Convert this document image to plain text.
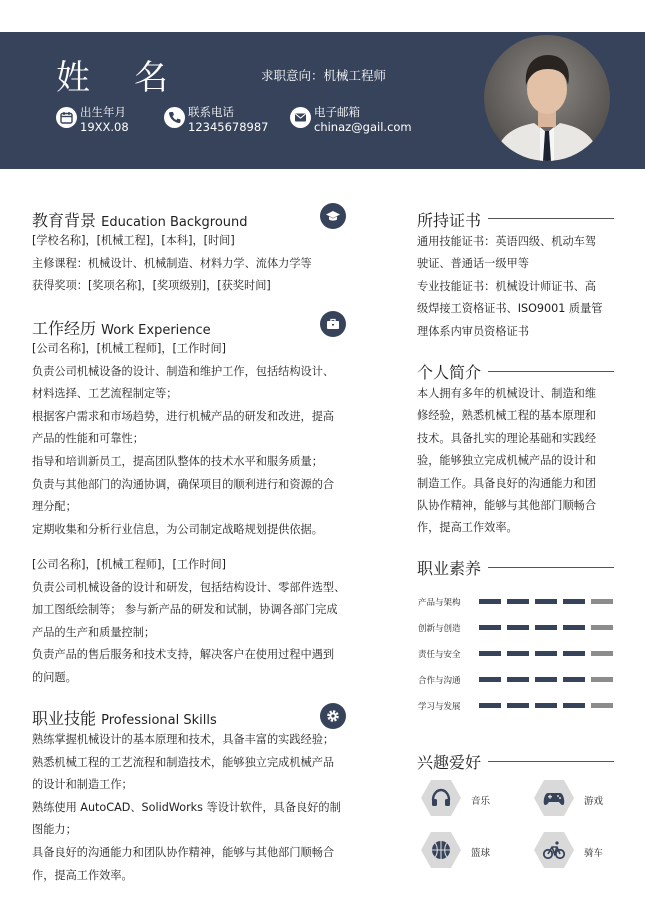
姓名	求职意向：机械工程师
出生年月
19XX.08
联系电话
12345678987
电子邮箱
chinaz@gail.com
教育背景 Education Background
[学校名称]，[机械工程]，[本科]，[时间]
主修课程：机械设计、机械制造、材料力学、流体力学等
获得奖项：[奖项名称]，[奖项级别]，[获奖时间]
工作经历 Work Experience
[公司名称]，[机械工程师]，[工作时间]
负责公司机械设备的设计、制造和维护工作，包括结构设计、
材料选择、工艺流程制定等；
根据客户需求和市场趋势，进行机械产品的研发和改进，提高
产品的性能和可靠性；
指导和培训新员工，提高团队整体的技术水平和服务质量；
负责与其他部门的沟通协调，确保项目的顺利进行和资源的合
理分配；
定期收集和分析行业信息，为公司制定战略规划提供依据。
[公司名称]，[机械工程师]，[工作时间]
负责公司机械设备的设计和研发，包括结构设计、零部件选型、
加工图纸绘制等； 参与新产品的研发和试制，协调各部门完成
产品的生产和质量控制；
负责产品的售后服务和技术支持，解决客户在使用过程中遇到
的问题。
职业技能 Professional Skills
熟练掌握机械设计的基本原理和技术，具备丰富的实践经验；
熟悉机械工程的工艺流程和制造技术，能够独立完成机械产品
的设计和制造工作；
熟练使用 AutoCAD、SolidWorks 等设计软件，具备良好的制
图能力；
具备良好的沟通能力和团队协作精神，能够与其他部门顺畅合
作，提高工作效率。
所持证书
通用技能证书：英语四级、机动车驾
驶证、普通话一级甲等
专业技能证书：机械设计师证书、高
级焊接工资格证书、ISO9001 质量管
理体系内审员资格证书
个人简介
本人拥有多年的机械设计、制造和维
修经验，熟悉机械工程的基本原理和
技术。具备扎实的理论基础和实践经
验，能够独立完成机械产品的设计和
制造工作。具备良好的沟通能力和团
队协作精神，能够与其他部门顺畅合
作，提高工作效率。
职业素养
产品与架构
创新与创造
责任与安全
合作与沟通
学习与发展
兴趣爱好
音乐	游戏
篮球	骑车
